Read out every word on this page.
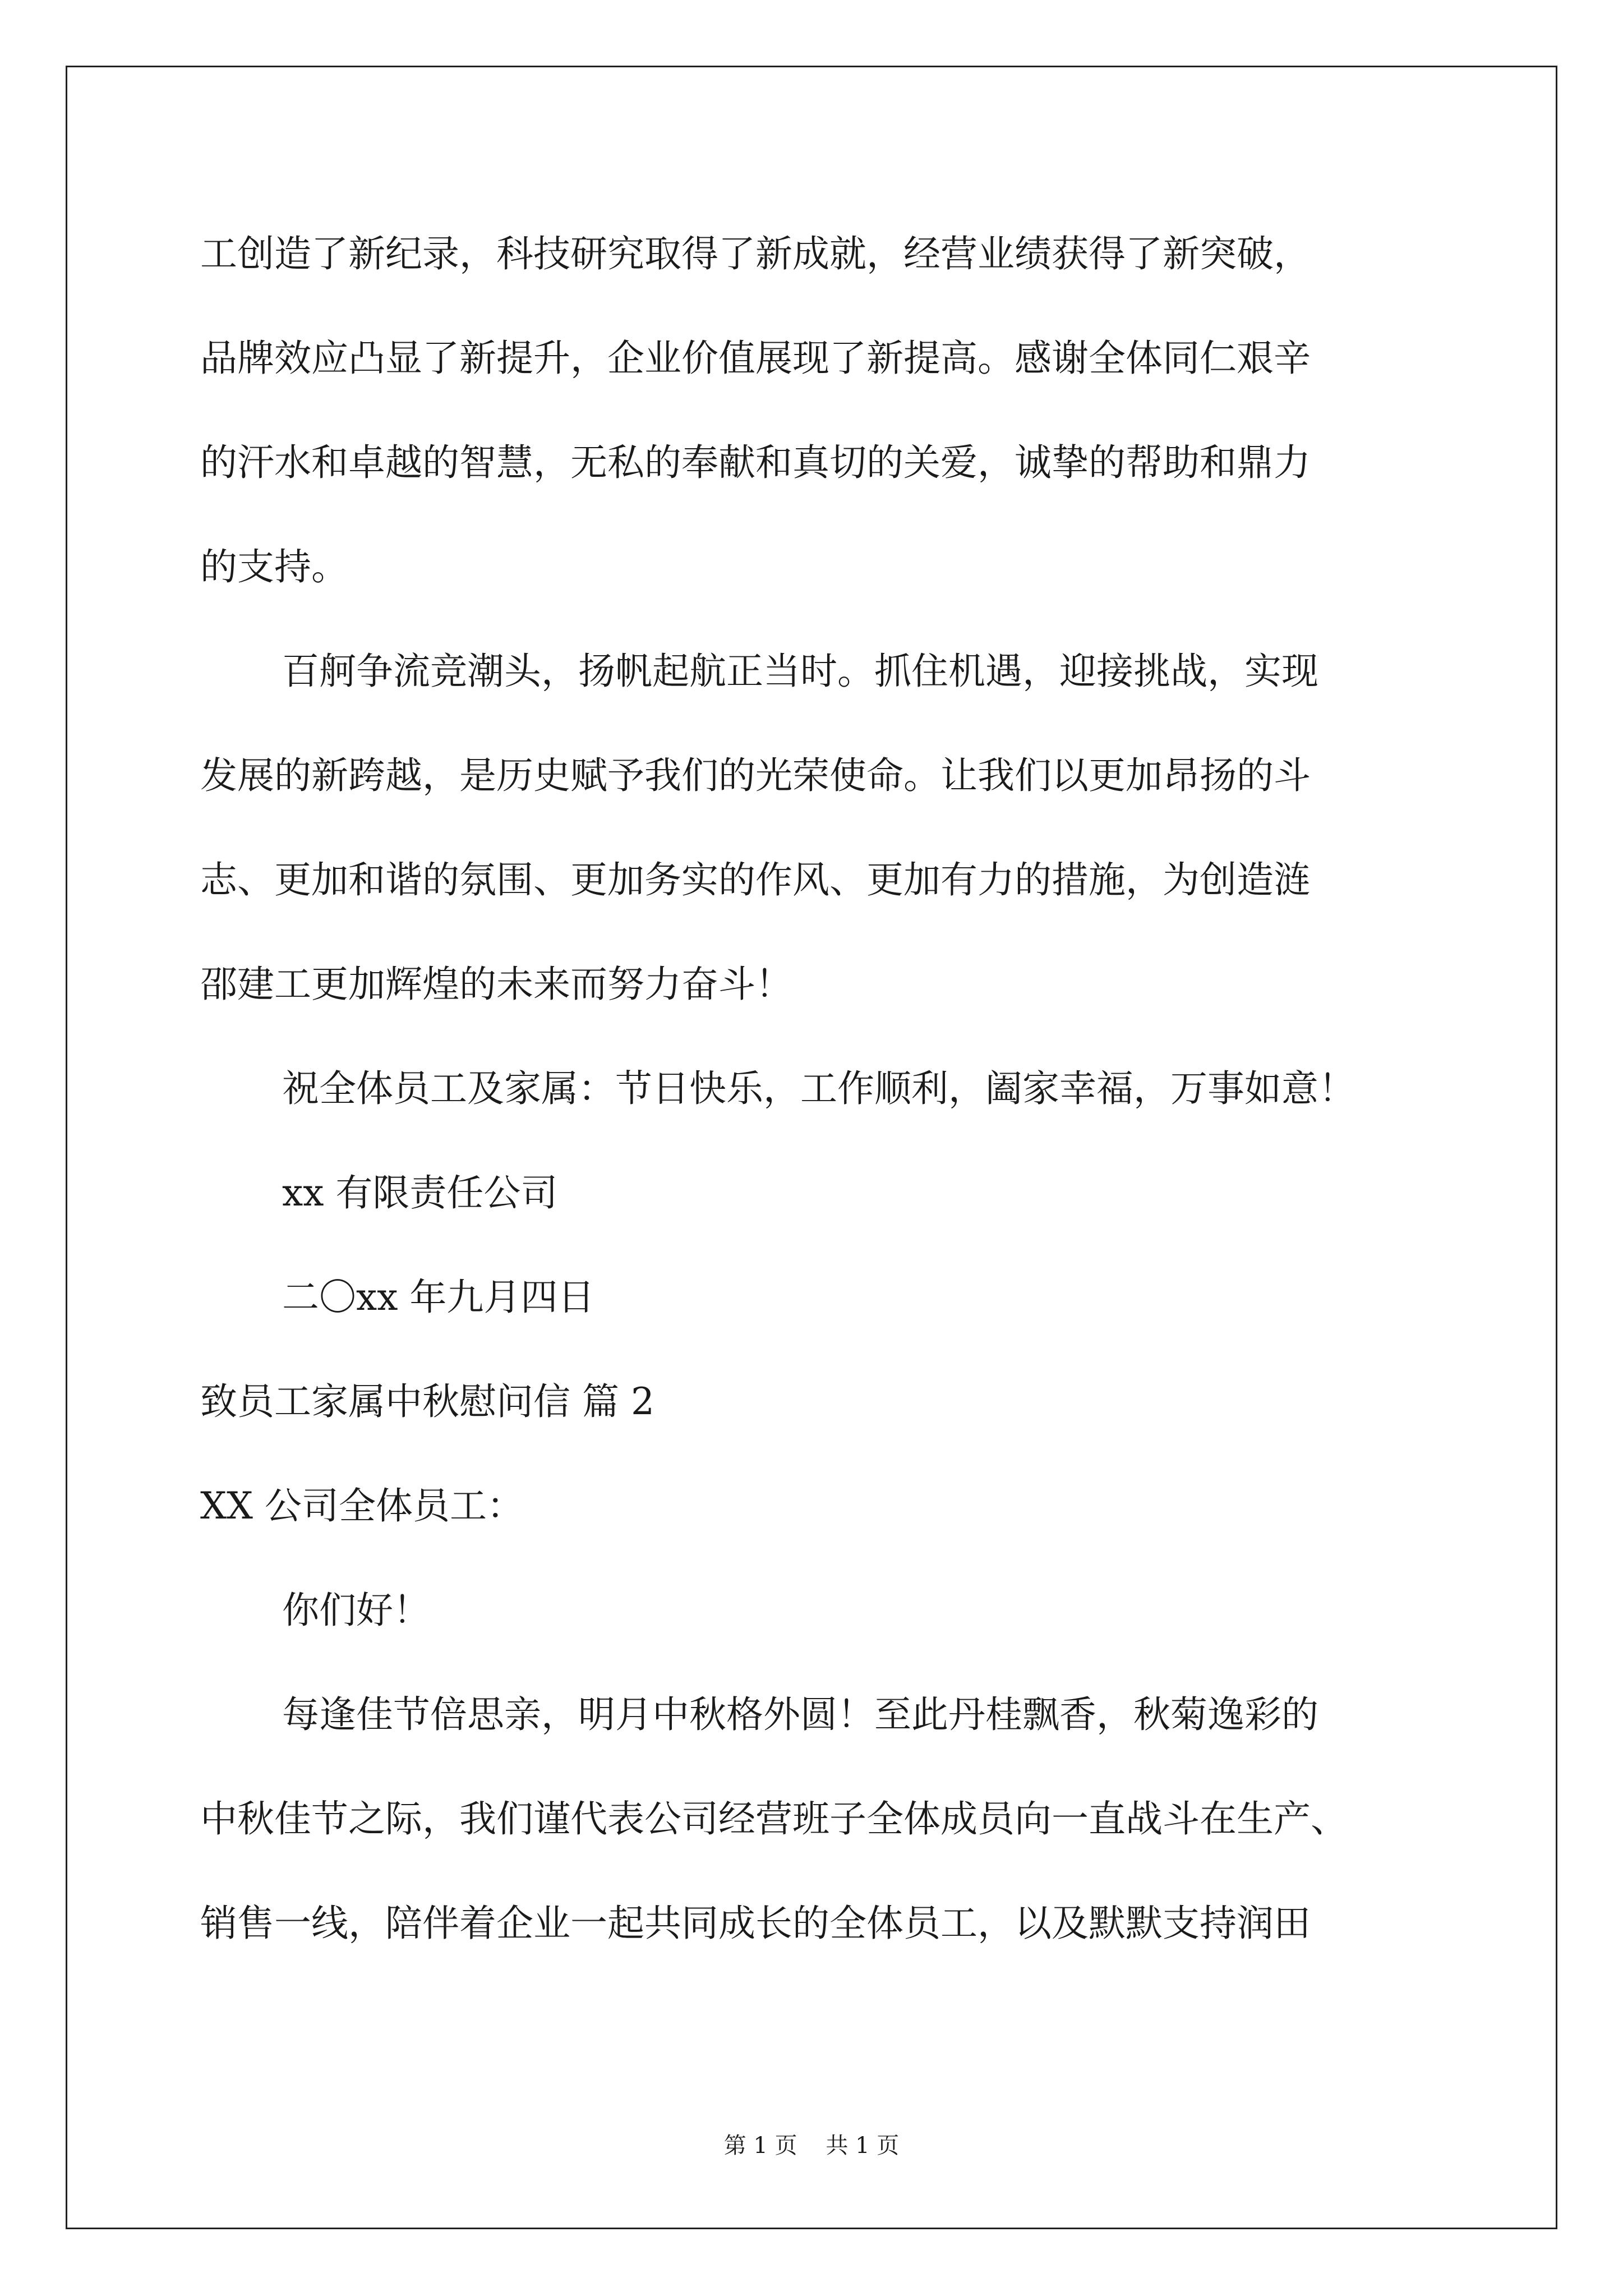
工创造了新纪录，科技研究取得了新成就，经营业绩获得了新突破，
品牌效应凸显了新提升，企业价值展现了新提高。感谢全体同仁艰辛
的汗水和卓越的智慧，无私的奉献和真切的关爱，诚挚的帮助和鼎力
的支持。
百舸争流竞潮头，扬帆起航正当时。抓住机遇，迎接挑战，实现
发展的新跨越，是历史赋予我们的光荣使命。让我们以更加昂扬的斗
志、更加和谐的氛围、更加务实的作风、更加有力的措施，为创造涟
邵建工更加辉煌的未来而努力奋斗！
祝全体员工及家属：节日快乐，工作顺利，阖家幸福，万事如意！
xx 有限责任公司
二〇xx 年九月四日
致员工家属中秋慰问信 篇 2
XX 公司全体员工：
你们好！
每逢佳节倍思亲，明月中秋格外圆！至此丹桂飘香，秋菊逸彩的
中秋佳节之际，我们谨代表公司经营班子全体成员向一直战斗在生产、
销售一线，陪伴着企业一起共同成长的全体员工，以及默默支持润田
第 1 页    共 1 页
